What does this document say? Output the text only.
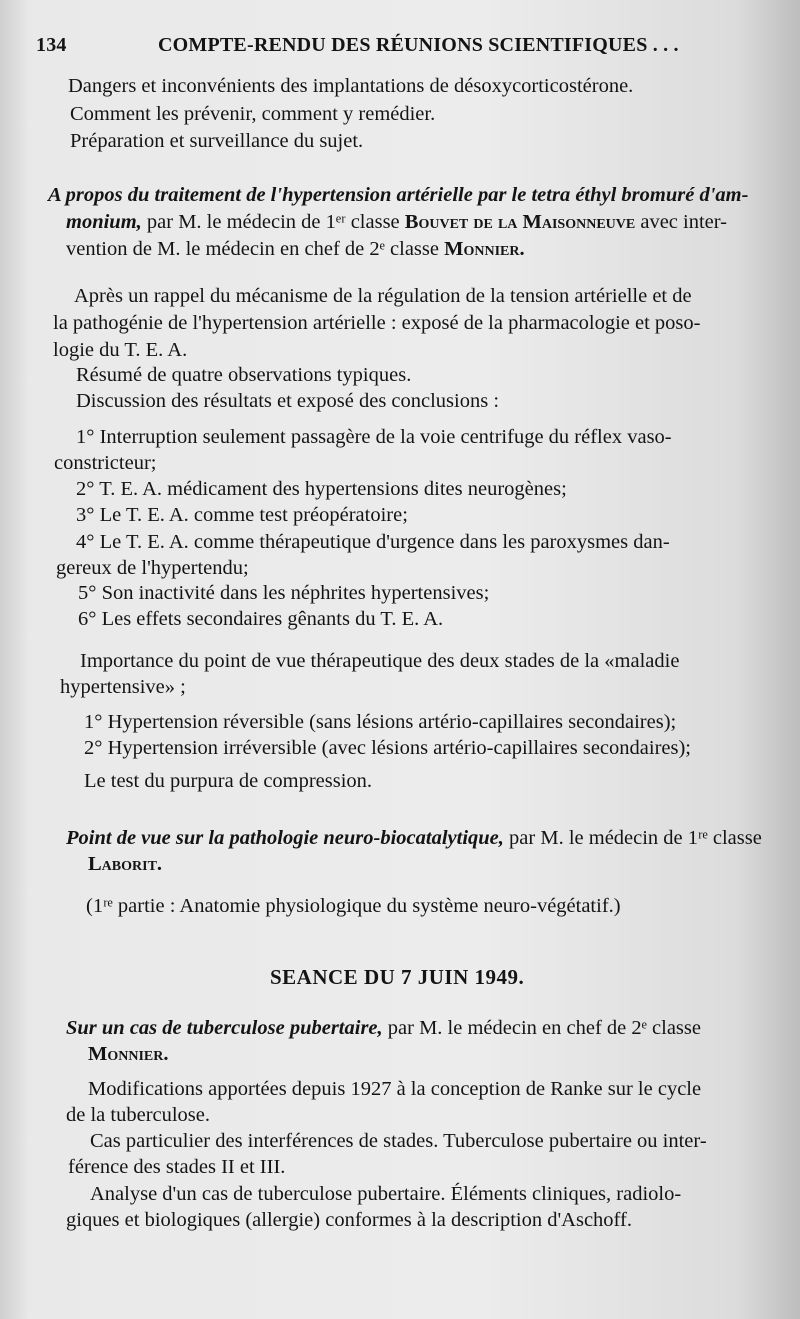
134	COMPTE-RENDU DES RÉUNIONS SCIENTIFIQUES . . .
Dangers et inconvénients des implantations de désoxycorticostérone.
Comment les prévenir, comment y remédier.
Préparation et surveillance du sujet.
A propos du traitement de l'hypertension artérielle par le tetra éthyl bromuré d'am-
monium, par M. le médecin de 1ᵉʳ classe Bouvet de la Maisonneuve avec inter-
vention de M. le médecin en chef de 2ᵉ classe Monnier.
Après un rappel du mécanisme de la régulation de la tension artérielle et de
la pathogénie de l'hypertension artérielle : exposé de la pharmacologie et poso-
logie du T. E. A.
Résumé de quatre observations typiques.
Discussion des résultats et exposé des conclusions :
1° Interruption seulement passagère de la voie centrifuge du réflex vaso-
constricteur;
2° T. E. A. médicament des hypertensions dites neurogènes;
3° Le T. E. A. comme test préopératoire;
4° Le T. E. A. comme thérapeutique d'urgence dans les paroxysmes dan-
gereux de l'hypertendu;
5° Son inactivité dans les néphrites hypertensives;
6° Les effets secondaires gênants du T. E. A.
Importance du point de vue thérapeutique des deux stades de la «maladie
hypertensive» ;
1° Hypertension réversible (sans lésions artério-capillaires secondaires);
2° Hypertension irréversible (avec lésions artério-capillaires secondaires);
Le test du purpura de compression.
Point de vue sur la pathologie neuro-biocatalytique, par M. le médecin de 1ʳᵉ classe
Laborit.
(1ʳᵉ partie : Anatomie physiologique du système neuro-végétatif.)
SEANCE DU 7 JUIN 1949.
Sur un cas de tuberculose pubertaire, par M. le médecin en chef de 2ᵉ classe
Monnier.
Modifications apportées depuis 1927 à la conception de Ranke sur le cycle
de la tuberculose.
Cas particulier des interférences de stades. Tuberculose pubertaire ou inter-
férence des stades II et III.
Analyse d'un cas de tuberculose pubertaire. Éléments cliniques, radiolo-
giques et biologiques (allergie) conformes à la description d'Aschoff.
